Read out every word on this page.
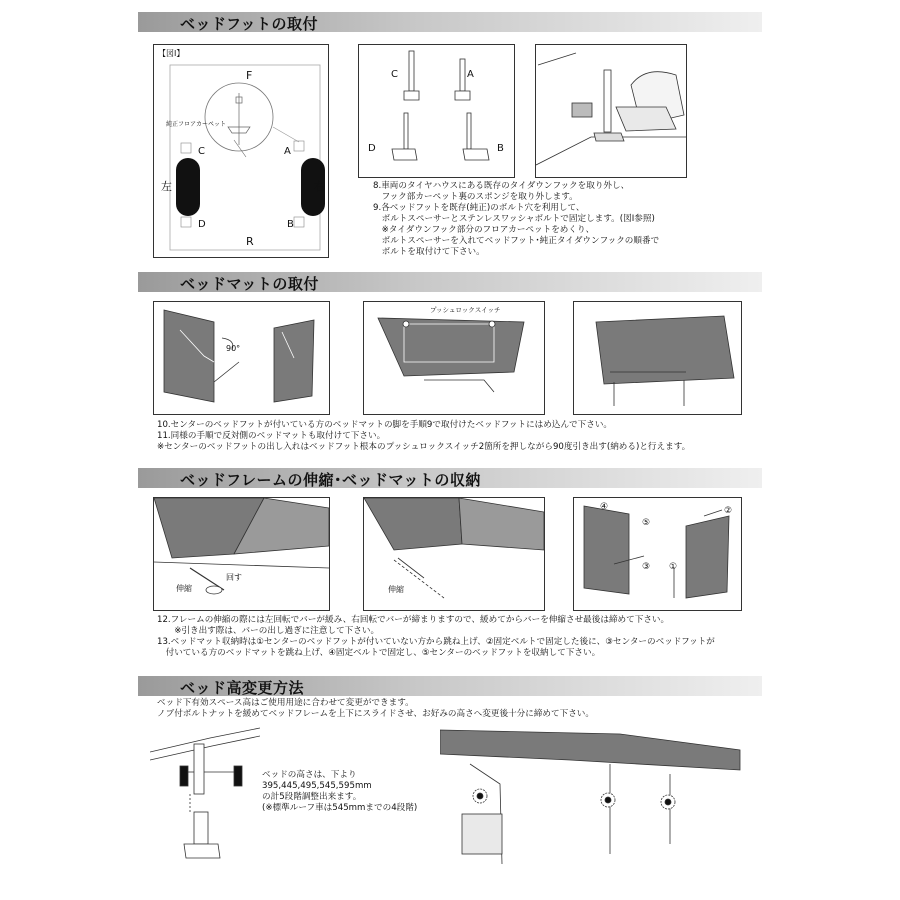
ベッドフットの取付
【図Ⅰ】
F
R
左	右
C	A
D	B
純正フロアカーペット
C	A
D	B
8.車両のタイヤハウスにある既存のタイダウンフックを取り外し、
　フック部カーペット裏のスポンジを取り外します。
9.各ベッドフットを既存(純正)のボルト穴を利用して、
　ボルトスペーサーとステンレスワッシャボルトで固定します。(図Ⅰ参照)
　※タイダウンフック部分のフロアカーペットをめくり、
　ボルトスペーサーを入れてベッドフット･純正タイダウンフックの順番で
　ボルトを取付けて下さい。
ベッドマットの取付
90°
プッシュロックスイッチ
10.センターのベッドフットが付いている方のベッドマットの脚を手順9で取付けたベッドフットにはめ込んで下さい。
11.同様の手順で反対側のベッドマットも取付けて下さい。
※センターのベッドフットの出し入れはベッドフット根本のプッシュロックスイッチ2箇所を押しながら90度引き出す(納める)と行えます。
ベッドフレームの伸縮･ベッドマットの収納
伸縮
回す
伸縮
④
⑤
②
③ ①
12.フレームの伸縮の際には左回転でバーが緩み、右回転でバーが締まりますので、緩めてからバーを伸縮させ最後は締めて下さい。
　　※引き出す際は、バーの出し過ぎに注意して下さい。
13.ベッドマット収納時は①センターのベッドフットが付いていない方から跳ね上げ、②固定ベルトで固定した後に、③センターのベッドフットが
　付いている方のベッドマットを跳ね上げ、④固定ベルトで固定し、⑤センターのベッドフットを収納して下さい。
ベッド高変更方法
ベッド下有効スペース高はご使用用途に合わせて変更ができます。
ノブ付ボルトナットを緩めてベッドフレームを上下にスライドさせ、お好みの高さへ変更後十分に締めて下さい。
ベッドの高さは、下より
395,445,495,545,595mm
の計5段階調整出来ます。
(※標準ルーフ車は545mmまでの4段階)
